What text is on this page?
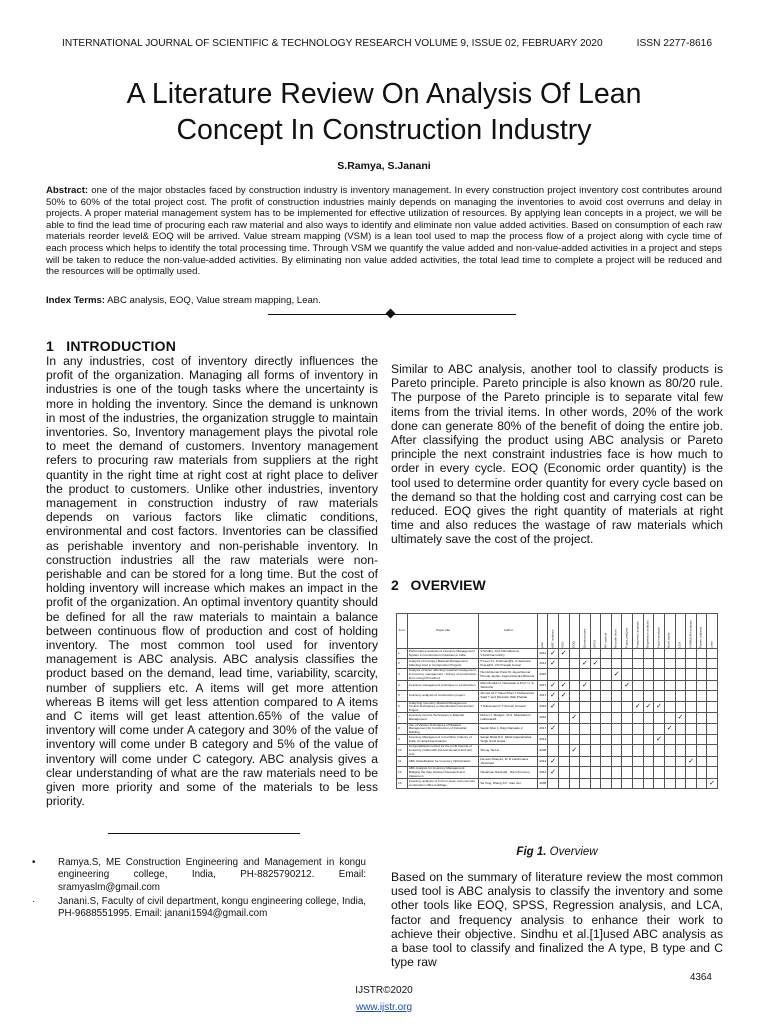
INTERNATIONAL JOURNAL OF SCIENTIFIC & TECHNOLOGY RESEARCH VOLUME 9, ISSUE 02, FEBRUARY 2020	ISSN 2277-8616
A Literature Review On Analysis Of Lean
Concept In Construction Industry
S.Ramya, S.Janani
Abstract: one of the major obstacles faced by construction industry is inventory management. In every construction project inventory cost contributes around 50% to 60% of the total project cost. The profit of construction industries mainly depends on managing the inventories to avoid cost overruns and delay in projects. A proper material management system has to be implemented for effective utilization of resources. By applying lean concepts in a project, we will be able to find the lead time of procuring each raw material and also ways to identify and eliminate non value added activities. Based on consumption of each raw materials reorder level& EOQ will be arrived. Value stream mapping (VSM) is a lean tool used to map the process flow of a project along with cycle time of each process which helps to identify the total processing time. Through VSM we quantify the value added and non-value-added activities in a project and steps will be taken to reduce the non-value-added activities. By eliminating non value added activities, the total lead time to complete a project will be reduced and the resources will be optimally used.
Index Terms: ABC analysis, EOQ, Value stream mapping, Lean.
1 INTRODUCTION
In any industries, cost of inventory directly influences the profit of the organization. Managing all forms of inventory in industries is one of the tough tasks where the uncertainty is more in holding the inventory. Since the demand is unknown in most of the industries, the organization struggle to maintain inventories. So, Inventory management plays the pivotal role to meet the demand of customers. Inventory management refers to procuring raw materials from suppliers at the right quantity in the right time at right cost at right place to deliver the product to customers. Unlike other industries, inventory management in construction industry of raw materials depends on various factors like climatic conditions, environmental and cost factors. Inventories can be classified as perishable inventory and non-perishable inventory. In construction industries all the raw materials were non-perishable and can be stored for a long time. But the cost of holding inventory will increase which makes an impact in the profit of the organization. An optimal inventory quantity should be defined for all the raw materials to maintain a balance between continuous flow of production and cost of holding inventory. The most common tool used for inventory management is ABC analysis. ABC analysis classifies the product based on the demand, lead time, variability, scarcity, number of suppliers etc. A items will get more attention whereas B items will get less attention compared to A items and C items will get least attention.65% of the value of inventory will come under A category and 30% of the value of inventory will come under B category and 5% of the value of inventory will come under C category. ABC analysis gives a clear understanding of what are the raw materials need to be given more priority and some of the materials to be less priority.
Similar to ABC analysis, another tool to classify products is Pareto principle. Pareto principle is also known as 80/20 rule. The purpose of the Pareto principle is to separate vital few items from the trivial items. In other words, 20% of the work done can generate 80% of the benefit of doing the entire job. After classifying the product using ABC analysis or Pareto principle the next constraint industries face is how much to order in every cycle. EOQ (Economic order quantity) is the tool used to determine order quantity for every cycle based on the demand so that the holding cost and carrying cost can be reduced. EOQ gives the right quantity of materials at right time and also reduces the wastage of raw materials which ultimately save the cost of the project.
2 OVERVIEW
S.no	Paper title	Author	year	ABC analysis	VED	EOQ	Questionnaire	SPSS	RII method	Reorder level	Fuzzy analysis	Frequency analysis	Regression analysis	Factor analysis	Work study	LCA	VSM/LEAN analysis	Pareto analysis	Lean
1	Performance Analysis of Inventory Management System in Construction Industries in India	S.Sindhu, Dr.K.Nirmalkumar, V.Krishnamoorthy	2014	✓	✓														
2	Analysis of Improper Material Management Affecting Cost in Construction Projects	P.Leon F L.Krishnan@S, G.Sasindra Prasad/S, V.R.Prasath Kumar	2014	✓			✓	✓											
3	Analysis of factor affecting material management & inventory management : Survey of construction firms using RII method	Hemishkumar Patel Dr.Jayeshkumar Pitroda Jaydev Jagmanhandra Bhavsar	2015							✓									
4	Inventory management technique in construction	Miss.Monika N. Nanawate & Prof. U. S. Salunkhe	2017	✓	✓		✓				✓								
5	Inventory analysis of construction project	Ahmed Ali T, Daud Khan T Muhammad Sajid T and Nisandar Wali Khattak	2017	✓	✓														
6	Analyzing Inventory Material Management Control Techniques on Residential Construction Project	T.Subramani P, T.Suresh Kumar2	2016	✓								✓	✓	✓					
7	Inventory Control Techniques in Material Management	Rohan J. Madge1, Prof. Shashank K. Lakhandal3	2016			✓										✓			
8	Use of Various Techniques of Material Management for Construction of Industrial Building	Sayali Shet 1, Raju Narwade 2	2017	✓											✓				
9	Inventory Management in Fertilizer Industry of India: An Empirical Analysis	Sanjai Mittal R.K. Mittal Gajanahalwa Singh Sunil Gupta	2014											✓					
10	Computational method for the profit bounds of inventory model with interval demand and unit cost	Sheng-Tai Liu	2008			✓													
11	ABC Classification for Inventory Optimization	Devesh Dhaiya1, Dr R Lakshmana Jhnuana2	2013	✓													✓		
12	ABC Analysis for Inventory Management: Bridging the Gap between Research and Classroom	Haslaimar Ravindar , Ram B Innoco	2014	✓															
13	Inventory analysis of LCA on steel- and concrete construction office buildings	Sa Xing, Zhang Xu*, Gao Jun	2008																✓
Fig 1. Overview
Based on the summary of literature review the most common used tool is ABC analysis to classify the inventory and some other tools like EOQ, SPSS, Regression analysis, and LCA, factor and frequency analysis to enhance their work to achieve their objective. Sindhu et al.[1]used ABC analysis as a base tool to classify and finalized the A type, B type and C type raw
•	Ramya.S, ME Construction Engineering and Management in kongu engineering college, India, PH-8825790212. Email: sramyaslm@gmail.com
·	Janani.S, Faculty of civil department, kongu engineering college, India, PH-9688551995. Email: janani1594@gmail.com
4364
IJSTR©2020
www.ijstr.org
